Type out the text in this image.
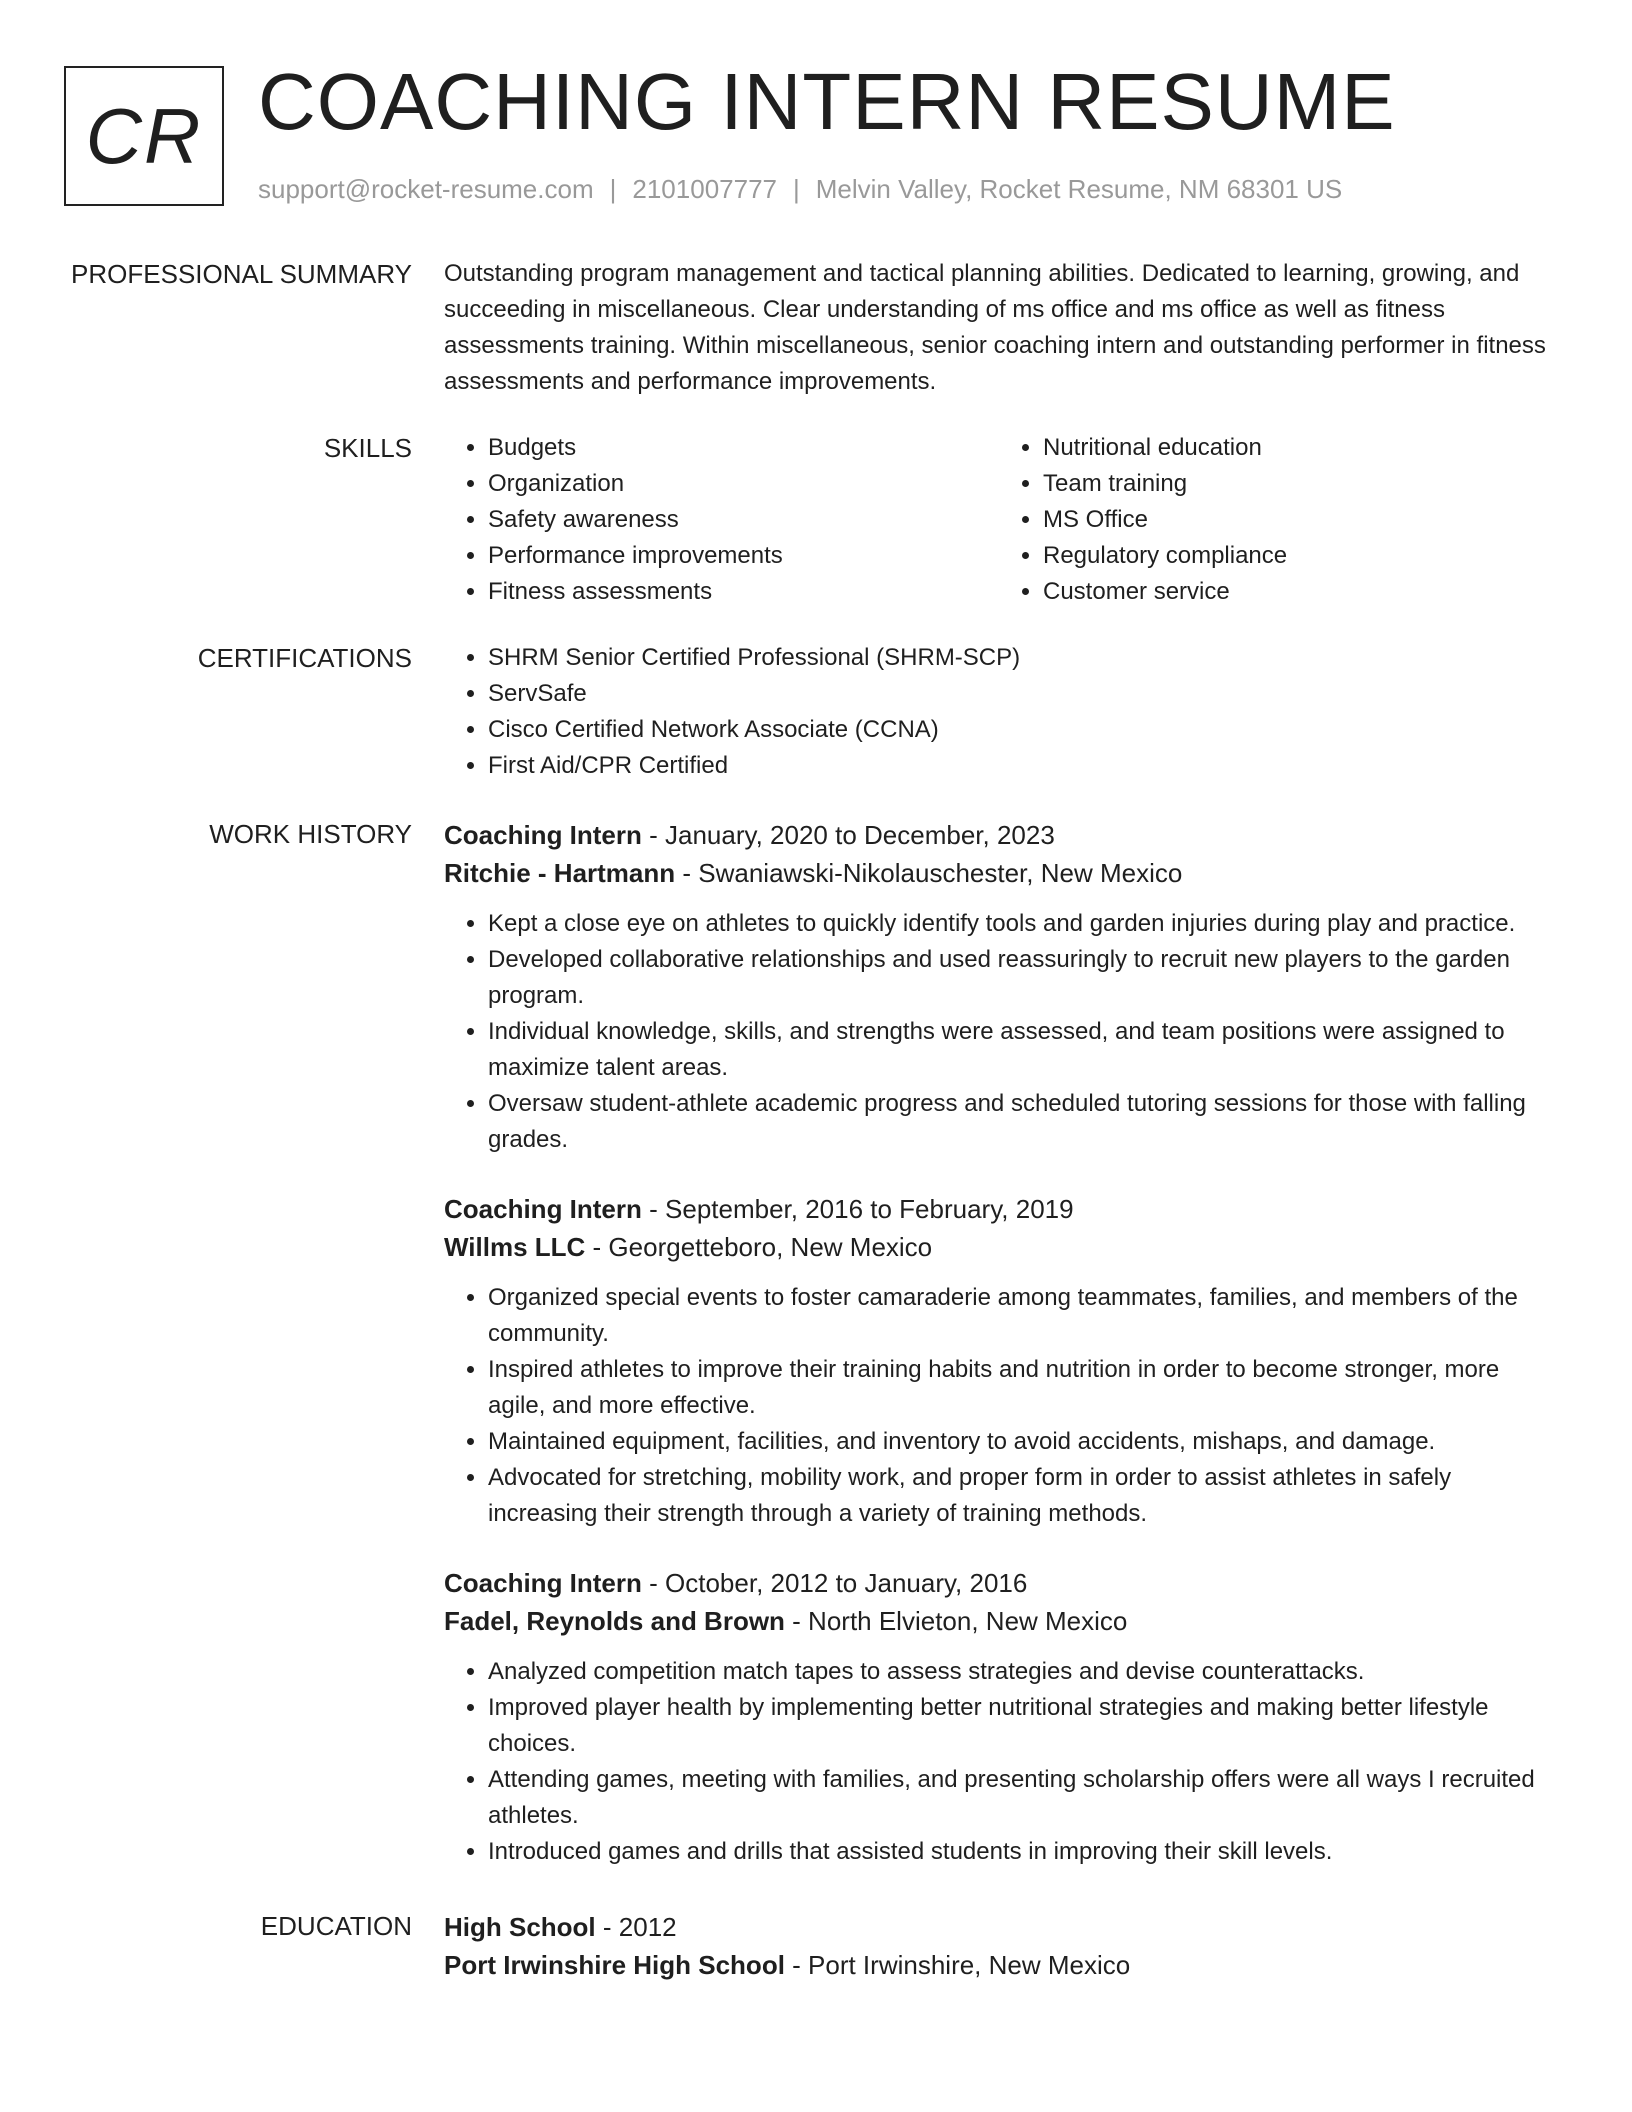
CR COACHING INTERN RESUME
support@rocket-resume.com | 2101007777 | Melvin Valley, Rocket Resume, NM 68301 US
PROFESSIONAL SUMMARY Outstanding program management and tactical planning abilities. Dedicated to learning, growing, and succeeding in miscellaneous. Clear understanding of ms office and ms office as well as fitness assessments training. Within miscellaneous, senior coaching intern and outstanding performer in fitness assessments and performance improvements.
SKILLS	• Budgets
• Organization
• Safety awareness
• Performance improvements
• Fitness assessments
• Nutritional education
• Team training
• MS Office
• Regulatory compliance
• Customer service
CERTIFICATIONS	• SHRM Senior Certified Professional (SHRM-SCP)
• ServSafe
• Cisco Certified Network Associate (CCNA)
• First Aid/CPR Certified
WORK HISTORY Coaching Intern - January, 2020 to December, 2023
Ritchie - Hartmann - Swaniawski-Nikolauschester, New Mexico
• Kept a close eye on athletes to quickly identify tools and garden injuries during play and practice.
• Developed collaborative relationships and used reassuringly to recruit new players to the garden program.
• Individual knowledge, skills, and strengths were assessed, and team positions were assigned to maximize talent areas.
• Oversaw student-athlete academic progress and scheduled tutoring sessions for those with falling grades.
Coaching Intern - September, 2016 to February, 2019
Willms LLC - Georgetteboro, New Mexico
• Organized special events to foster camaraderie among teammates, families, and members of the community.
• Inspired athletes to improve their training habits and nutrition in order to become stronger, more agile, and more effective.
• Maintained equipment, facilities, and inventory to avoid accidents, mishaps, and damage.
• Advocated for stretching, mobility work, and proper form in order to assist athletes in safely increasing their strength through a variety of training methods.
Coaching Intern - October, 2012 to January, 2016
Fadel, Reynolds and Brown - North Elvieton, New Mexico
• Analyzed competition match tapes to assess strategies and devise counterattacks.
• Improved player health by implementing better nutritional strategies and making better lifestyle choices.
• Attending games, meeting with families, and presenting scholarship offers were all ways I recruited athletes.
• Introduced games and drills that assisted students in improving their skill levels.
EDUCATION High School - 2012
Port Irwinshire High School - Port Irwinshire, New Mexico
